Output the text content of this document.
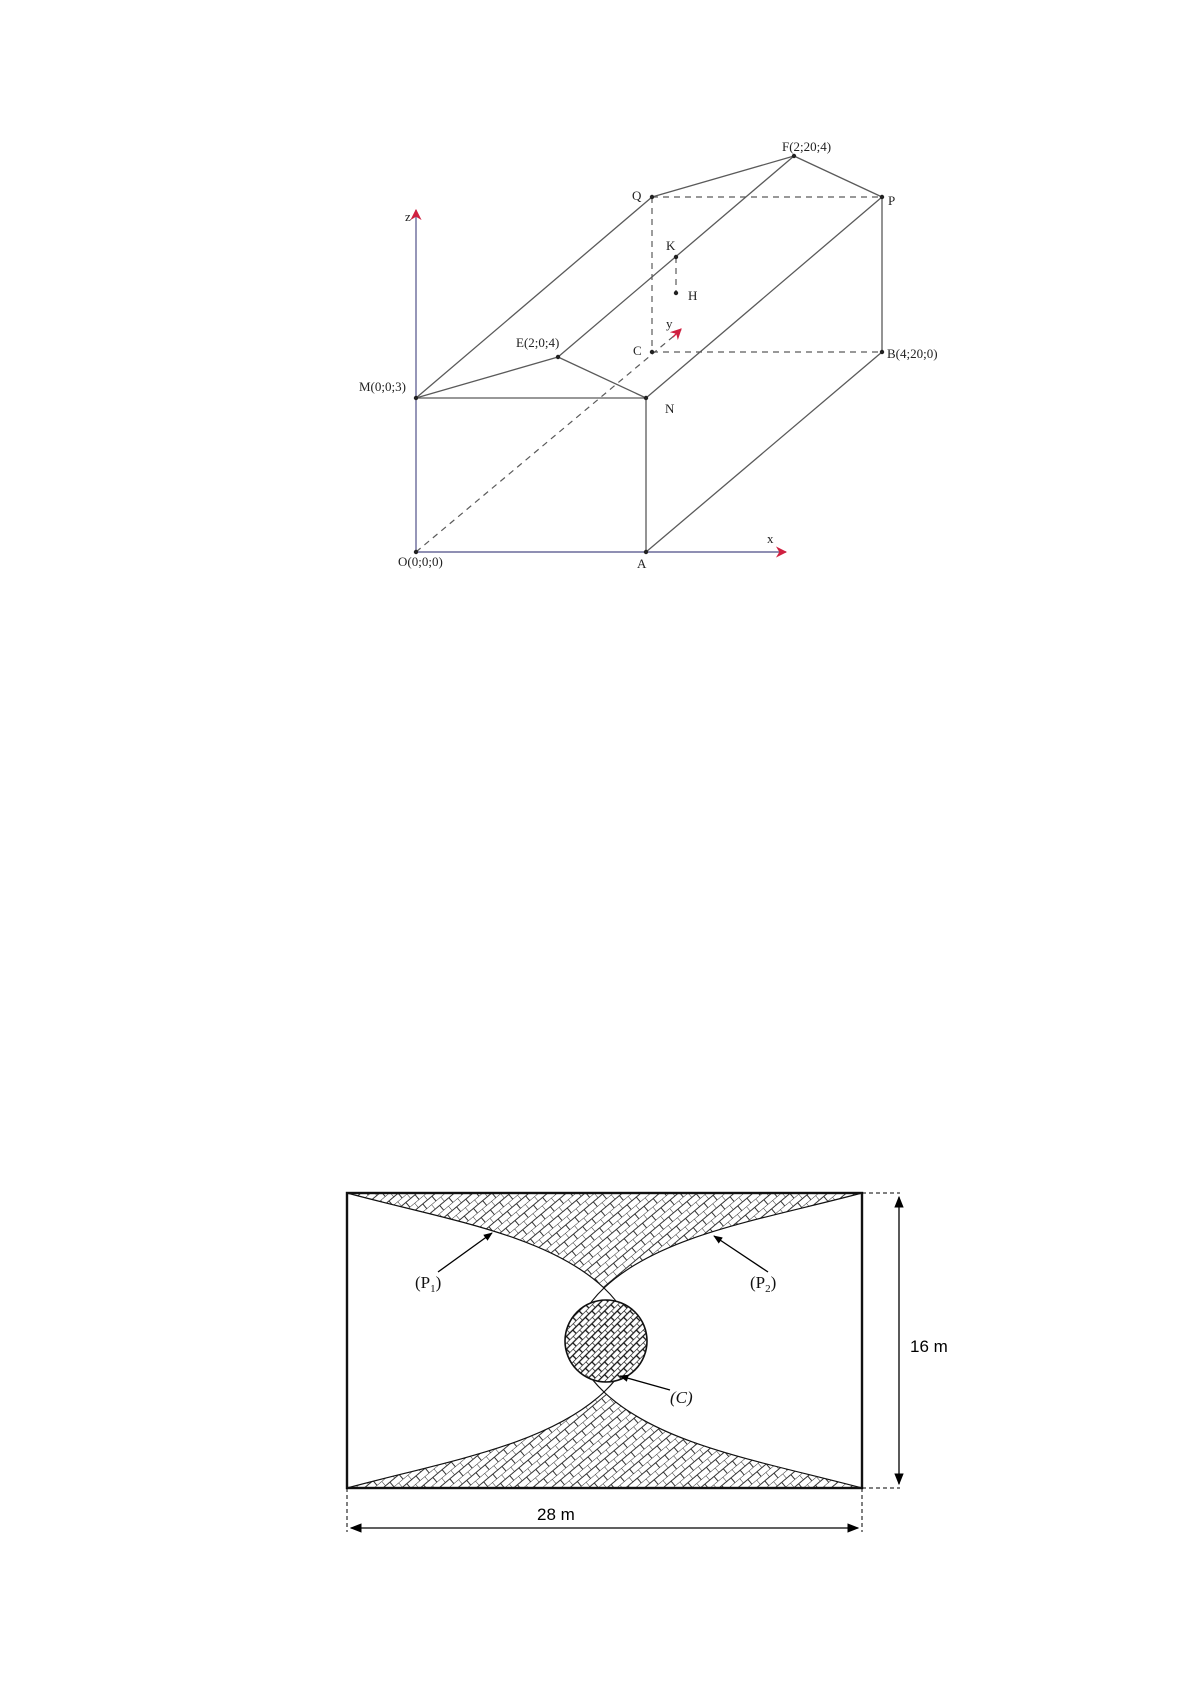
F(2;20;4)
Q	P
z
K
H
y
E(2;0;4)
C	B(4;20;0)
M(0;0;3)
N
x
O(0;0;0)	A
$(P_1)$	$(P_2)$
(C)
16 m
28 m
